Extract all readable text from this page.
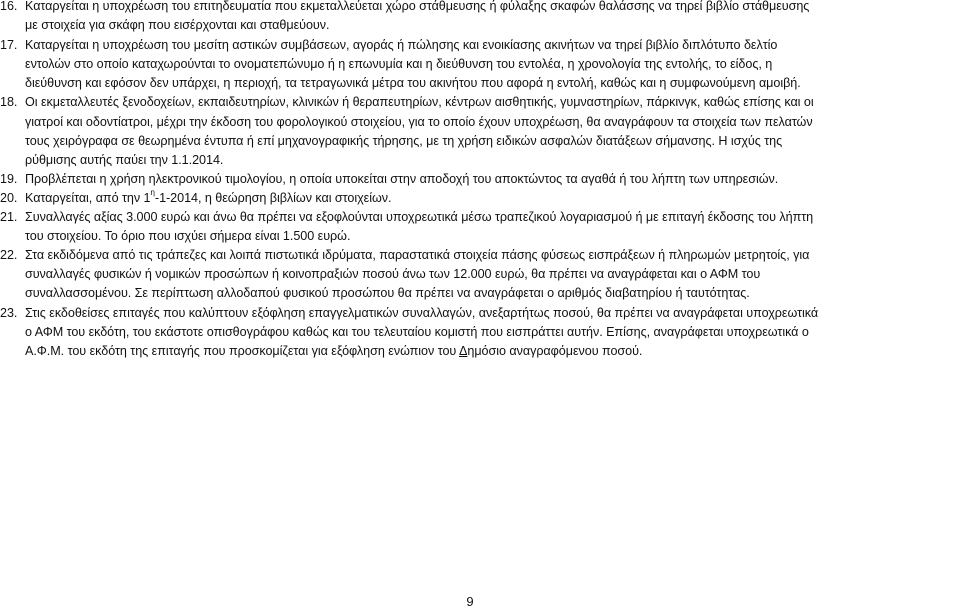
16. Καταργείται η υποχρέωση του επιτηδευματία που εκμεταλλεύεται χώρο στάθμευσης ή φύλαξης σκαφών θαλάσσης να τηρεί βιβλίο στάθμευσης
με στοιχεία για σκάφη που εισέρχονται και σταθμεύουν.
17. Καταργείται η υποχρέωση του μεσίτη αστικών συμβάσεων, αγοράς ή πώλησης και ενοικίασης ακινήτων να τηρεί βιβλίο διπλότυπο δελτίο
εντολών στο οποίο καταχωρούνται το ονοματεπώνυμο ή η επωνυμία και η διεύθυνση του εντολέα, η χρονολογία της εντολής, το είδος, η
διεύθυνση και εφόσον δεν υπάρχει, η περιοχή, τα τετραγωνικά μέτρα του ακινήτου που αφορά η εντολή, καθώς και η συμφωνούμενη αμοιβή.
18. Οι εκμεταλλευτές ξενοδοχείων, εκπαιδευτηρίων, κλινικών ή θεραπευτηρίων, κέντρων αισθητικής, γυμναστηρίων, πάρκινγκ, καθώς επίσης και οι
γιατροί και οδοντίατροι, μέχρι την έκδοση του φορολογικού στοιχείου, για το οποίο έχουν υποχρέωση, θα αναγράφουν τα στοιχεία των πελατών
τους χειρόγραφα σε θεωρημένα έντυπα ή επί μηχανογραφικής τήρησης, με τη χρήση ειδικών ασφαλών διατάξεων σήμανσης. Η ισχύς της
ρύθμισης αυτής παύει την 1.1.2014.
19. Προβλέπεται η χρήση ηλεκτρονικού τιμολογίου, η οποία υποκείται στην αποδοχή του αποκτώντος τα αγαθά ή του λήπτη των υπηρεσιών.
20. Καταργείται, από την $1^\eta-1-2014$, η θεώρηση βιβλίων και στοιχείων.
21. Συναλλαγές αξίας 3.000 ευρώ και άνω θα πρέπει να εξοφλούνται υποχρεωτικά μέσω τραπεζικού λογαριασμού ή με επιταγή έκδοσης του λήπτη
του στοιχείου. Το όριο που ισχύει σήμερα είναι 1.500 ευρώ.
22. Στα εκδιδόμενα από τις τράπεζες και λοιπά πιστωτικά ιδρύματα, παραστατικά στοιχεία πάσης φύσεως εισπράξεων ή πληρωμών μετρητοίς, για
συναλλαγές φυσικών ή νομικών προσώπων ή κοινοπραξιών ποσού άνω των 12.000 ευρώ, θα πρέπει να αναγράφεται και ο ΑΦΜ του
συναλλασσομένου. Σε περίπτωση αλλοδαπού φυσικού προσώπου θα πρέπει να αναγράφεται ο αριθμός διαβατηρίου ή ταυτότητας.
23. Στις εκδοθείσες επιταγές που καλύπτουν εξόφληση επαγγελματικών συναλλαγών, ανεξαρτήτως ποσού, θα πρέπει να αναγράφεται υποχρεωτικά
ο ΑΦΜ του εκδότη, του εκάστοτε οπισθογράφου καθώς και του τελευταίου κομιστή που εισπράττει αυτήν. Επίσης, αναγράφεται υποχρεωτικά ο
Α.Φ.Μ. του εκδότη της επιταγής που προσκομίζεται για εξόφληση ενώπιον του Δημόσιο αναγραφόμενου ποσού.
9
